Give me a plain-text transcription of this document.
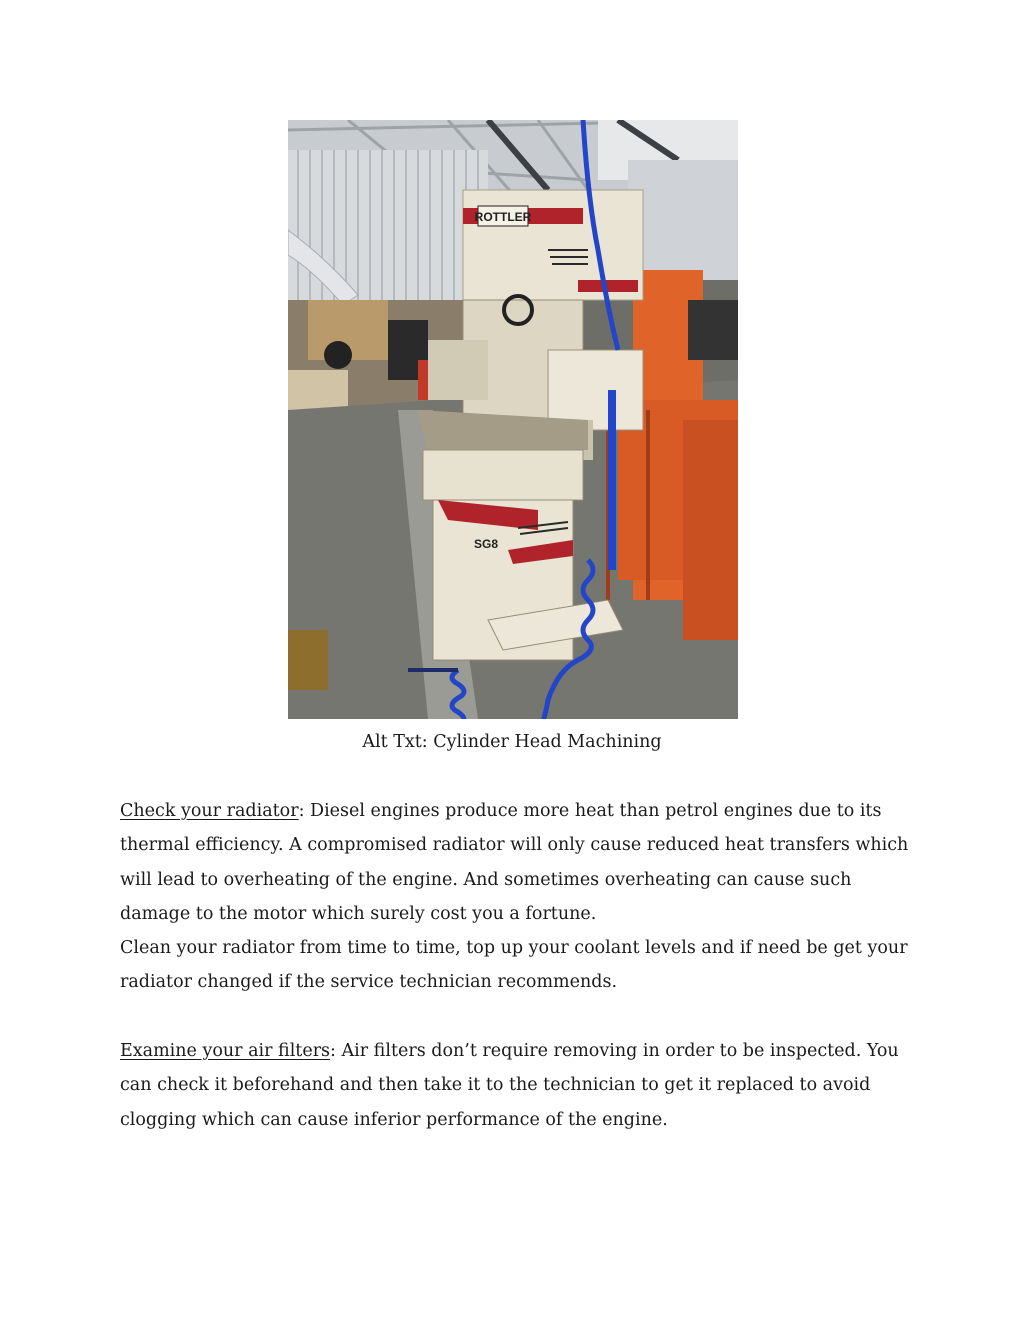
ROTTLER
SG8
Alt Txt: Cylinder Head Machining

Check your radiator: Diesel engines produce more heat than petrol engines due to its thermal efficiency. A compromised radiator will only cause reduced heat transfers which will lead to overheating of the engine. And sometimes overheating can cause such damage to the motor which surely cost you a fortune.

Clean your radiator from time to time, top up your coolant levels and if need be get your radiator changed if the service technician recommends.

Examine your air filters: Air filters don’t require removing in order to be inspected. You can check it beforehand and then take it to the technician to get it replaced to avoid clogging which can cause inferior performance of the engine.
